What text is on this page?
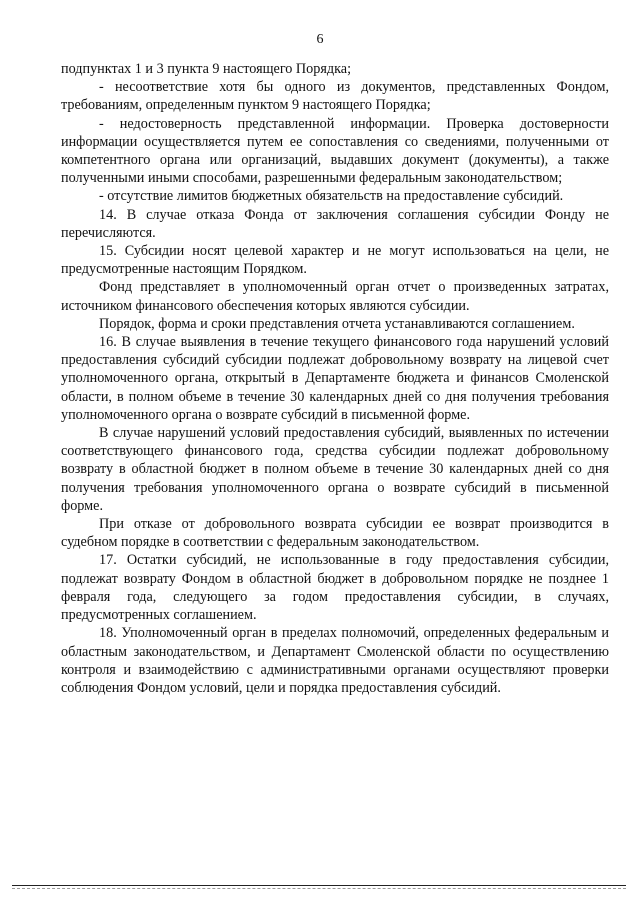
6

подпунктах 1 и 3 пункта 9 настоящего Порядка;

- несоответствие хотя бы одного из документов, представленных Фондом, требованиям, определенным пунктом 9 настоящего Порядка;

- недостоверность представленной информации. Проверка достоверности информации осуществляется путем ее сопоставления со сведениями, полученными от компетентного органа или организаций, выдавших документ (документы), а также полученными иными способами, разрешенными федеральным законодательством;

- отсутствие лимитов бюджетных обязательств на предоставление субсидий.

14. В случае отказа Фонда от заключения соглашения субсидии Фонду не перечисляются.

15. Субсидии носят целевой характер и не могут использоваться на цели, не предусмотренные настоящим Порядком.

Фонд представляет в уполномоченный орган отчет о произведенных затратах, источником финансового обеспечения которых являются субсидии.

Порядок, форма и сроки представления отчета устанавливаются соглашением.

16. В случае выявления в течение текущего финансового года нарушений условий предоставления субсидий субсидии подлежат добровольному возврату на лицевой счет уполномоченного органа, открытый в Департаменте бюджета и финансов Смоленской области, в полном объеме в течение 30 календарных дней со дня получения требования уполномоченного органа о возврате субсидий в письменной форме.

В случае нарушений условий предоставления субсидий, выявленных по истечении соответствующего финансового года, средства субсидии подлежат добровольному возврату в областной бюджет в полном объеме в течение 30 календарных дней со дня получения требования уполномоченного органа о возврате субсидий в письменной форме.

При отказе от добровольного возврата субсидии ее возврат производится в судебном порядке в соответствии с федеральным законодательством.

17. Остатки субсидий, не использованные в году предоставления субсидии, подлежат возврату Фондом в областной бюджет в добровольном порядке не позднее 1 февраля года, следующего за годом предоставления субсидии, в случаях, предусмотренных соглашением.

18. Уполномоченный орган в пределах полномочий, определенных федеральным и областным законодательством, и Департамент Смоленской области по осуществлению контроля и взаимодействию с административными органами осуществляют проверки соблюдения Фондом условий, цели и порядка предоставления субсидий.
